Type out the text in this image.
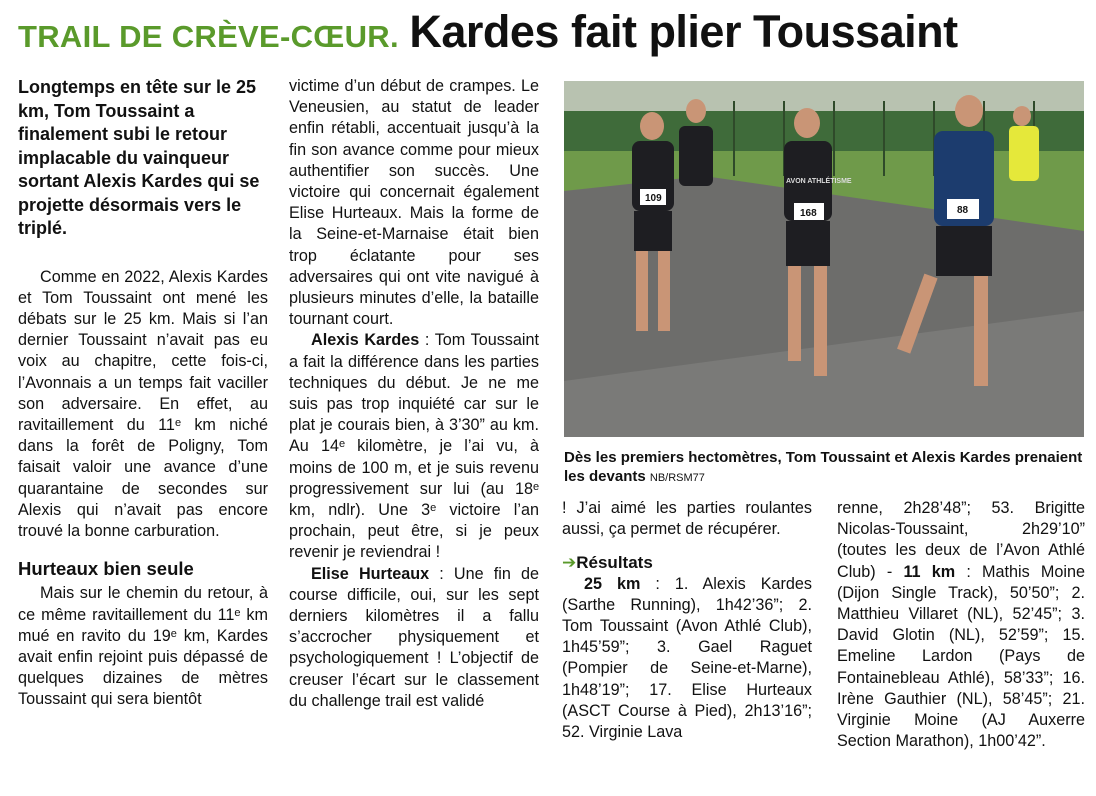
TRAIL DE CRÈVE-CŒUR. Kardes fait plier Toussaint

Longtemps en tête sur le 25 km, Tom Toussaint a finalement subi le retour implacable du vainqueur sortant Alexis Kardes qui se projette désormais vers le triplé.

Comme en 2022, Alexis Kardes et Tom Toussaint ont mené les débats sur le 25 km. Mais si l’an dernier Toussaint n’avait pas eu voix au chapitre, cette fois-ci, l’Avonnais a un temps fait vaciller son adversaire. En effet, au ravitaillement du 11ᵉ km niché dans la forêt de Poligny, Tom faisait valoir une avance d’une quarantaine de secondes sur Alexis qui n’avait pas encore trouvé la bonne carburation.

Hurteaux bien seule

Mais sur le chemin du retour, à ce même ravitaillement du 11ᵉ km mué en ravito du 19ᵉ km, Kardes avait enfin rejoint puis dépassé de quelques dizaines de mètres Toussaint qui sera bientôt

victime d’un début de crampes. Le Veneusien, au statut de leader enfin rétabli, accentuait jusqu’à la fin son avance comme pour mieux authentifier son succès. Une victoire qui concernait également Elise Hurteaux. Mais la forme de la Seine-et-Marnaise était bien trop éclatante pour ses adversaires qui ont vite navigué à plusieurs minutes d’elle, la bataille tournant court.

Alexis Kardes : Tom Toussaint a fait la différence dans les parties techniques du début. Je ne me suis pas trop inquiété car sur le plat je courais bien, à 3’30” au km. Au 14ᵉ kilomètre, je l’ai vu, à moins de 100 m, et je suis revenu progressivement sur lui (au 18ᵉ km, ndlr). Une 3ᵉ victoire l’an prochain, peut être, si je peux revenir je reviendrai !

Elise Hurteaux : Une fin de course difficile, oui, sur les sept derniers kilomètres il a fallu s’accrocher physiquement et psychologiquement ! L’objectif de creuser l’écart sur le classement du challenge trail est validé

109
168	88
AVON ATHLÉTISME
Dès les premiers hectomètres, Tom Toussaint et Alexis Kardes prenaient les devants NB/RSM77

! J’ai aimé les parties roulantes aussi, ça permet de récupérer.

➔Résultats

25 km : 1. Alexis Kardes (Sarthe Running), 1h42’36”; 2. Tom Toussaint (Avon Athlé Club), 1h45’59”; 3. Gael Raguet (Pompier de Seine-et-Marne), 1h48’19”; 17. Elise Hurteaux (ASCT Course à Pied), 2h13’16”; 52. Virginie Lava

renne, 2h28’48”; 53. Brigitte Nicolas-Toussaint, 2h29’10” (toutes les deux de l’Avon Athlé Club) - 11 km : Mathis Moine (Dijon Single Track), 50’50”; 2. Matthieu Villaret (NL), 52’45”; 3. David Glotin (NL), 52’59”; 15. Emeline Lardon (Pays de Fontainebleau Athlé), 58’33”; 16. Irène Gauthier (NL), 58’45”; 21. Virginie Moine (AJ Auxerre Section Marathon), 1h00’42”.
